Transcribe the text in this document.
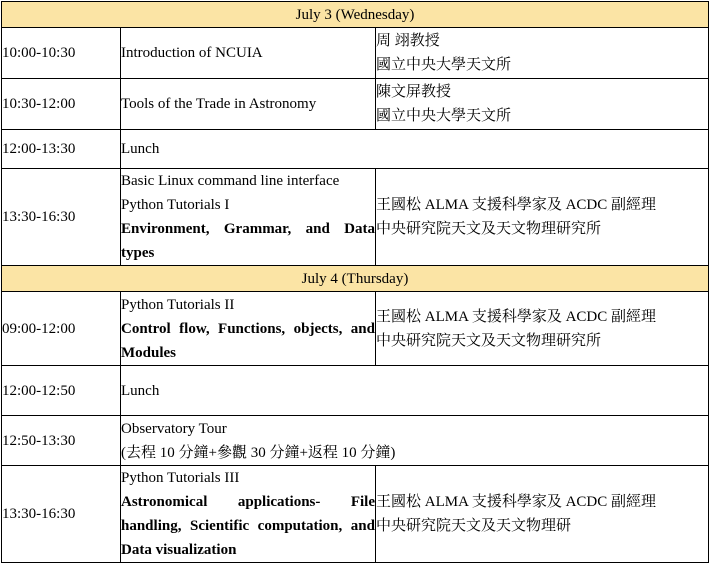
July 3 (Wednesday)		
10:00-10:30	Introduction of NCUIA	周 翊教授
國立中央大學天文所

10:30-12:00	Tools of the Trade in Astronomy	陳文屏教授
國立中央大學天文所

12:00-13:30	Lunch	

13:30-16:30	Basic Linux command line interface
Python Tutorials I
Environment, Grammar, and Data types	王國松 ALMA 支援科學家及 ACDC 副經理
中央研究院天文及天文物理研究所

July 4 (Thursday)		
09:00-12:00	Python Tutorials II
Control flow, Functions, objects, and Modules	王國松 ALMA 支援科學家及 ACDC 副經理
中央研究院天文及天文物理研究所

12:00-12:50	Lunch	

12:50-13:30	Observatory Tour
(去程 10 分鐘+參觀 30 分鐘+返程 10 分鐘)	

13:30-16:30	Python Tutorials III
Astronomical applications- File handling, Scientific computation, and Data visualization	王國松 ALMA 支援科學家及 ACDC 副經理
中央研究院天文及天文物理研
